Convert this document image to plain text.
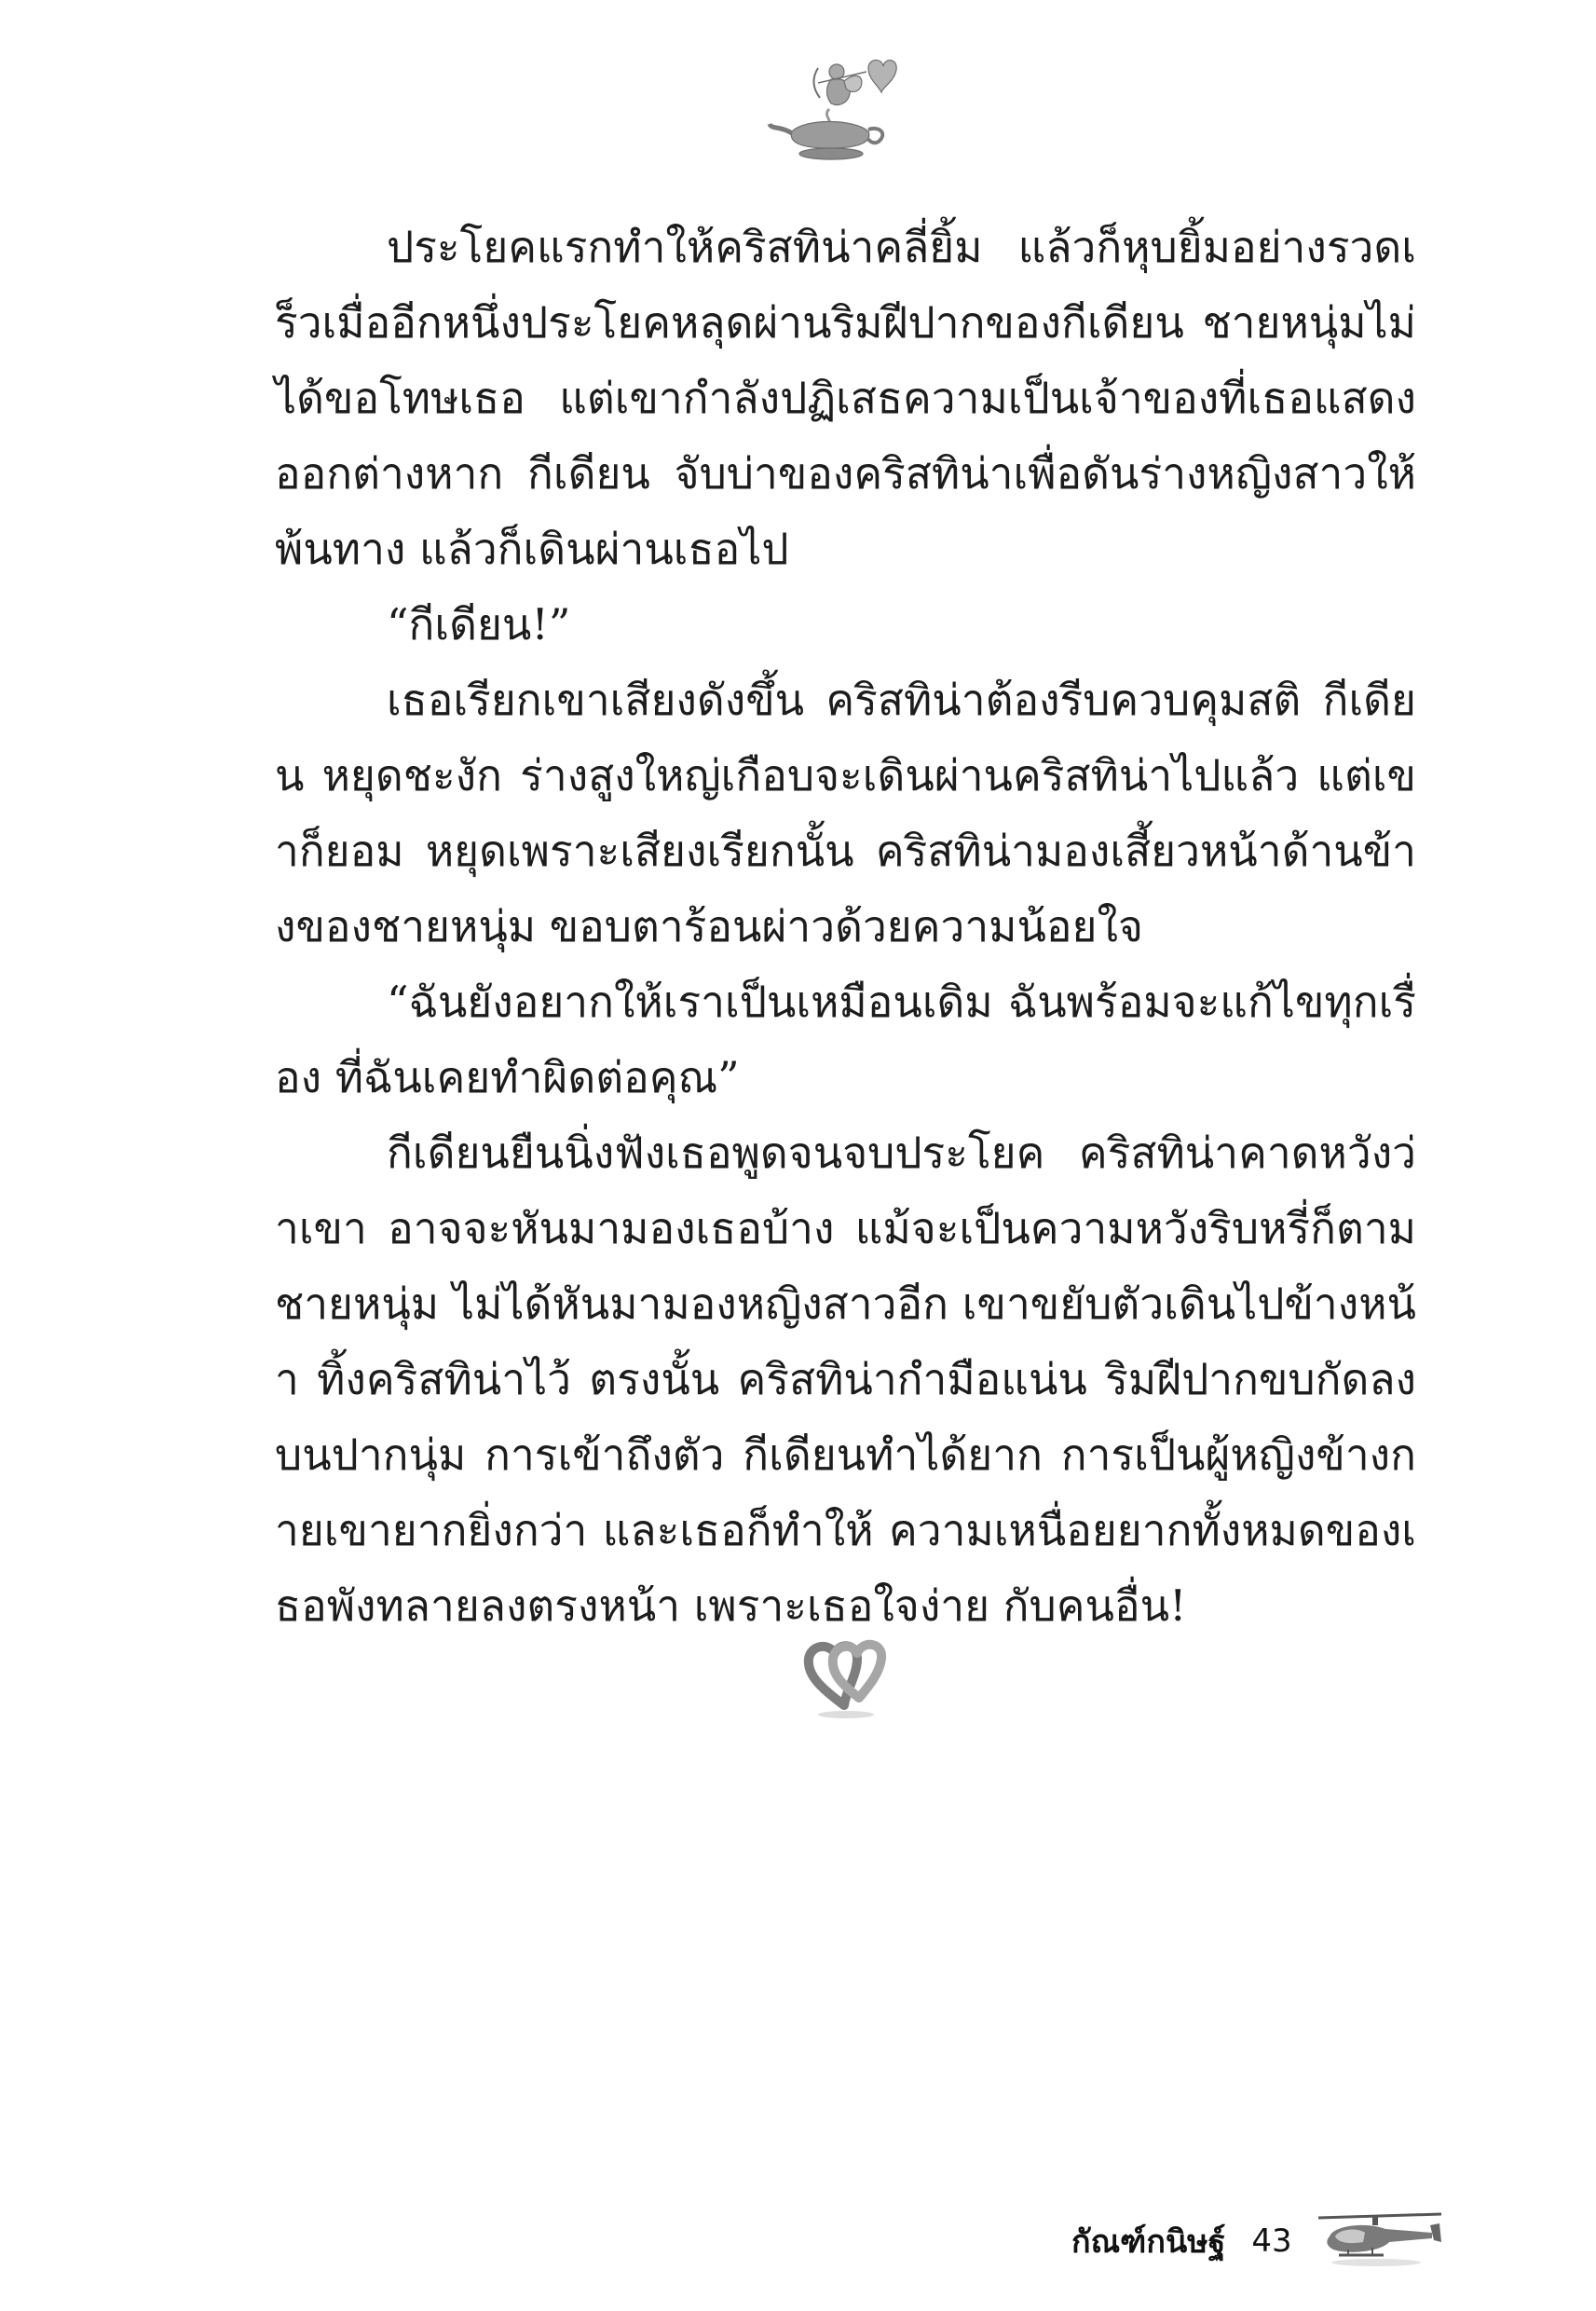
ประโยคแรกทำให้คริสทิน่าคลี่ยิ้ม แล้วก็หุบยิ้มอย่างรวดเร็วเมื่ออีกหนึ่งประโยคหลุดผ่านริมฝีปากของกีเดียน ชายหนุ่มไม่ได้ขอโทษเธอ แต่เขากำลังปฏิเสธความเป็นเจ้าของที่เธอแสดงออกต่างหาก กีเดียน จับบ่าของคริสทิน่าเพื่อดันร่างหญิงสาวให้พ้นทาง แล้วก็เดินผ่านเธอไป

“กีเดียน!”

เธอเรียกเขาเสียงดังขึ้น คริสทิน่าต้องรีบควบคุมสติ กีเดียน หยุดชะงัก ร่างสูงใหญ่เกือบจะเดินผ่านคริสทิน่าไปแล้ว แต่เขาก็ยอม หยุดเพราะเสียงเรียกนั้น คริสทิน่ามองเสี้ยวหน้าด้านข้างของชายหนุ่ม ขอบตาร้อนผ่าวด้วยความน้อยใจ

“ฉันยังอยากให้เราเป็นเหมือนเดิม ฉันพร้อมจะแก้ไขทุกเรื่อง ที่ฉันเคยทำผิดต่อคุณ”

กีเดียนยืนนิ่งฟังเธอพูดจนจบประโยค คริสทิน่าคาดหวังว่าเขา อาจจะหันมามองเธอบ้าง แม้จะเป็นความหวังริบหรี่ก็ตาม ชายหนุ่ม ไม่ได้หันมามองหญิงสาวอีก เขาขยับตัวเดินไปข้างหน้า ทิ้งคริสทิน่าไว้ ตรงนั้น คริสทิน่ากำมือแน่น ริมฝีปากขบกัดลงบนปากนุ่ม การเข้าถึงตัว กีเดียนทำได้ยาก การเป็นผู้หญิงข้างกายเขายากยิ่งกว่า และเธอก็ทำให้ ความเหนื่อยยากทั้งหมดของเธอพังทลายลงตรงหน้า เพราะเธอใจง่าย กับคนอื่น!

กัณฑ์กนิษฐ์ 43
